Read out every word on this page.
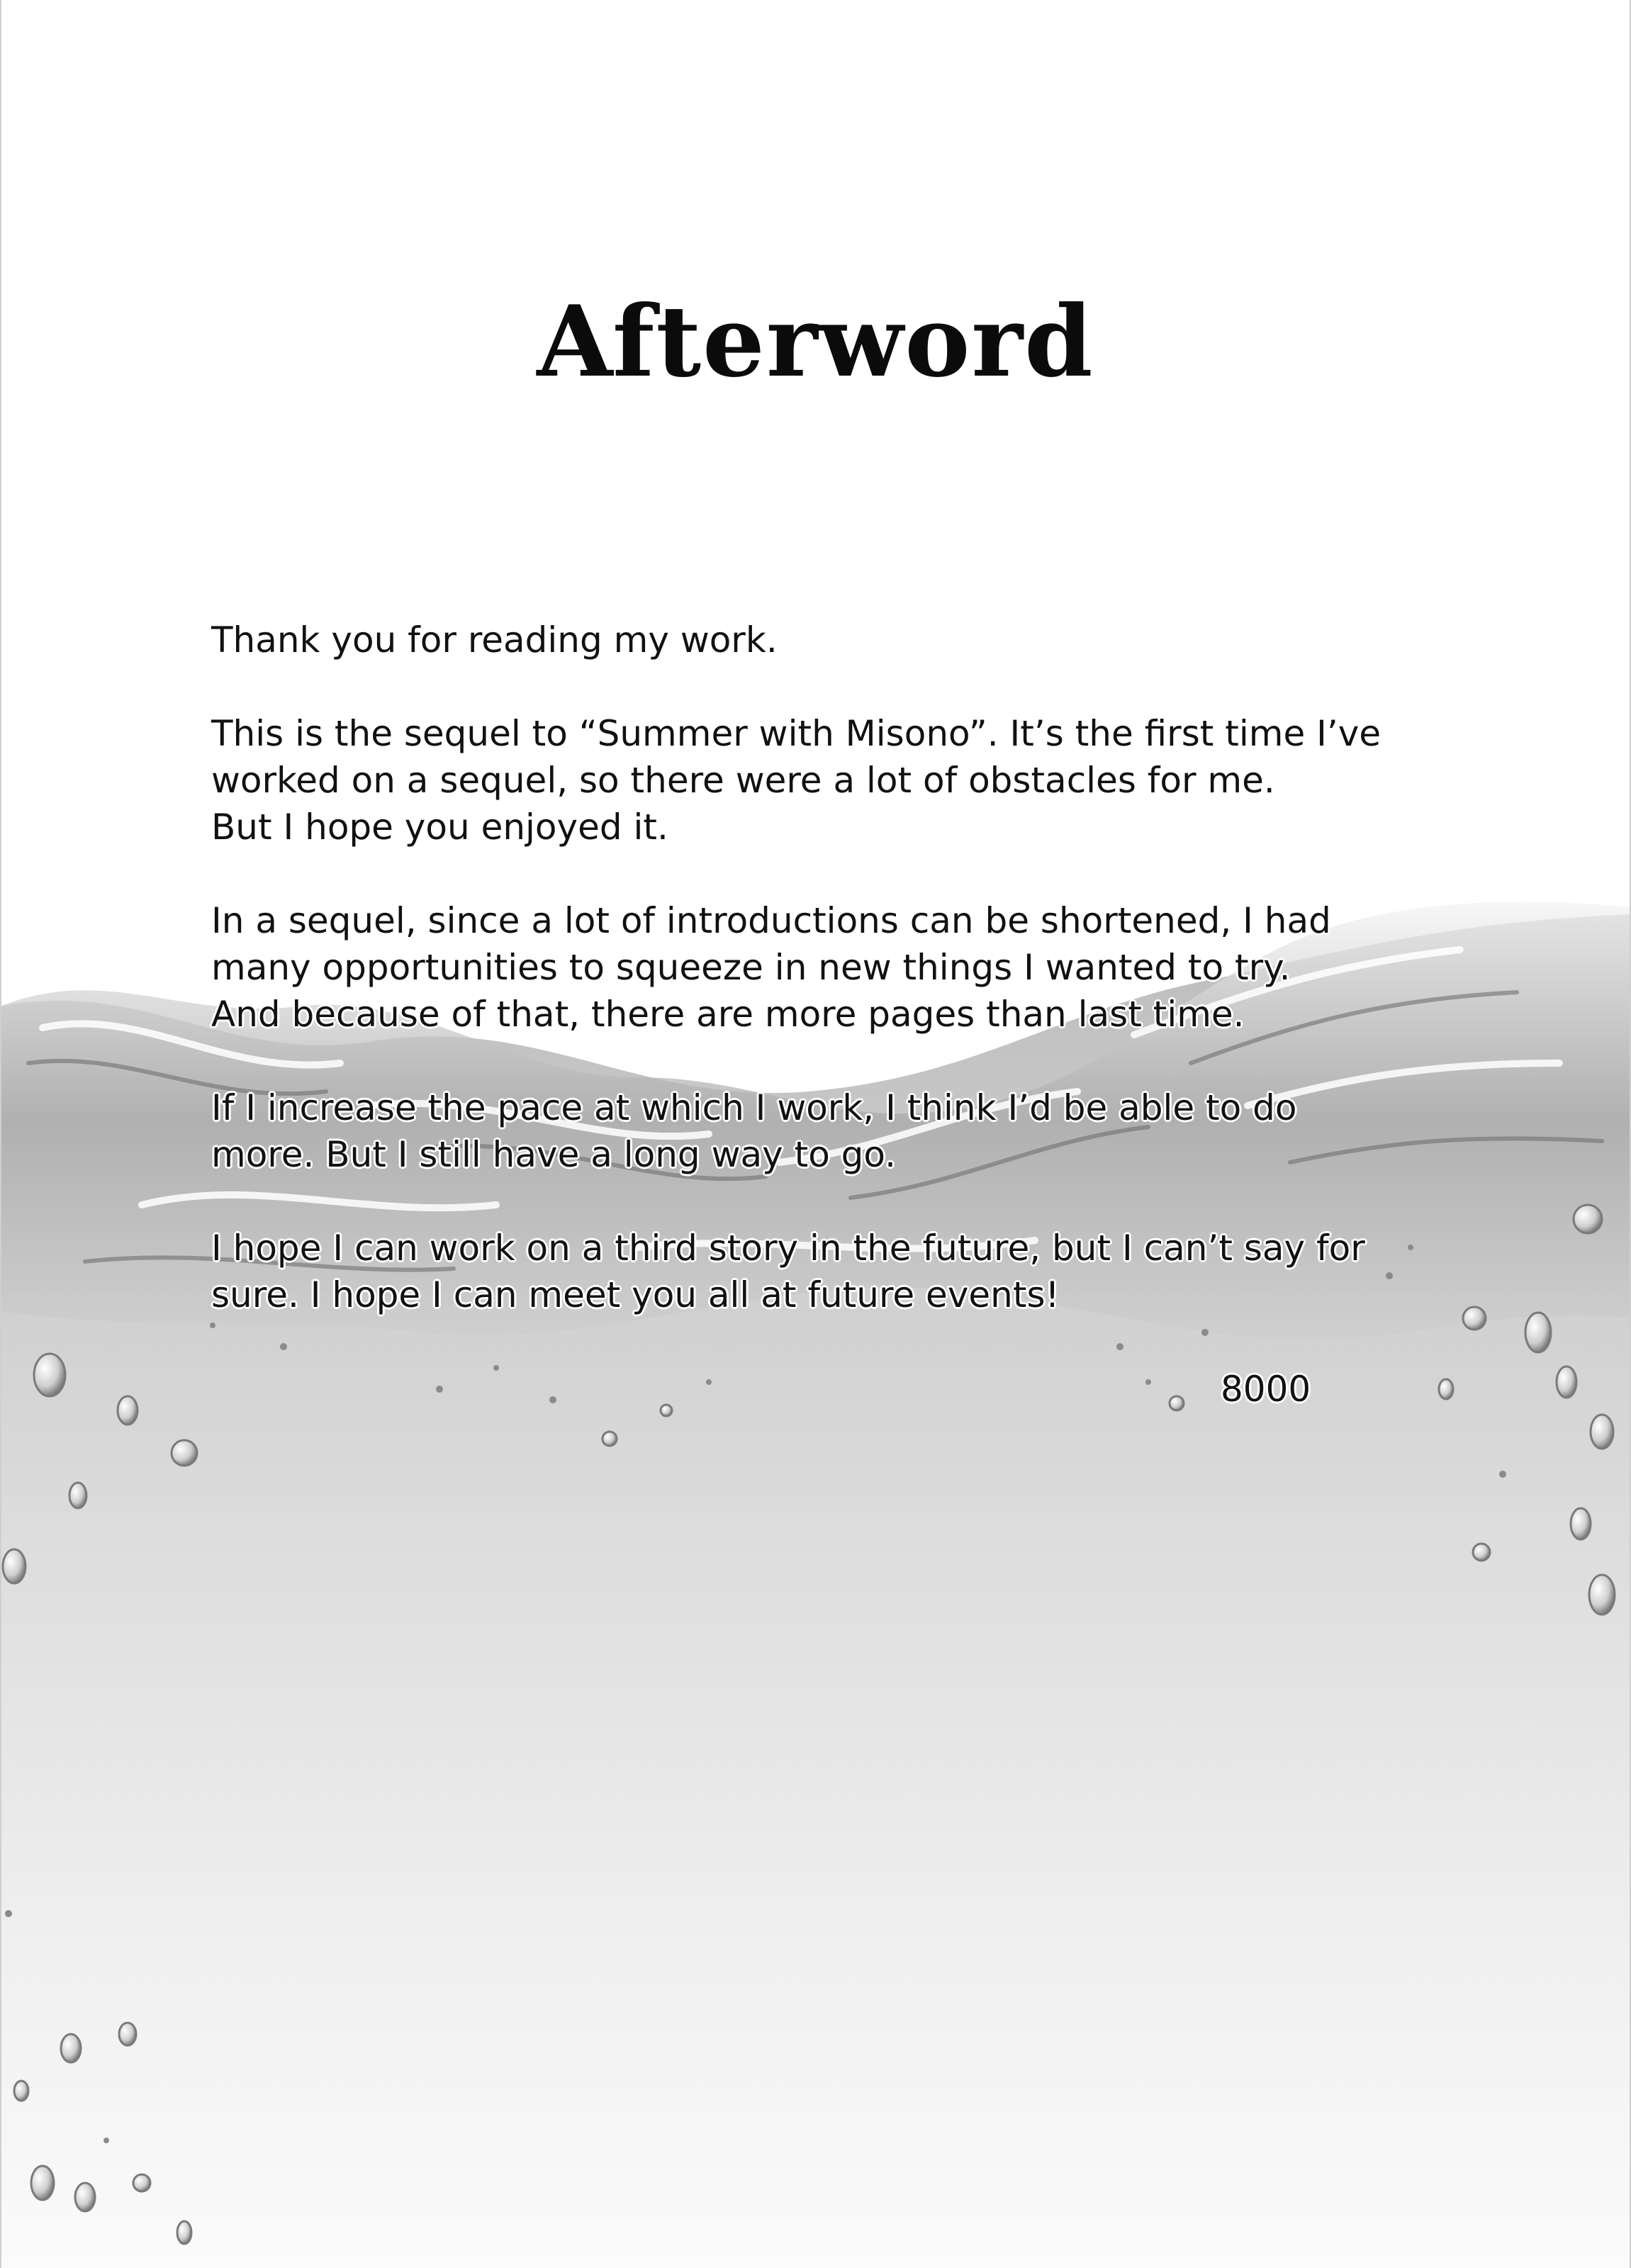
Afterword

Thank you for reading my work.

This is the sequel to “Summer with Misono”. It’s the first time I’ve
worked on a sequel, so there were a lot of obstacles for me.
But I hope you enjoyed it.

In a sequel, since a lot of introductions can be shortened, I had
many opportunities to squeeze in new things I wanted to try.
And because of that, there are more pages than last time.

If I increase the pace at which I work, I think I’d be able to do
more. But I still have a long way to go.

I hope I can work on a third story in the future, but I can’t say for
sure. I hope I can meet you all at future events!

8000
